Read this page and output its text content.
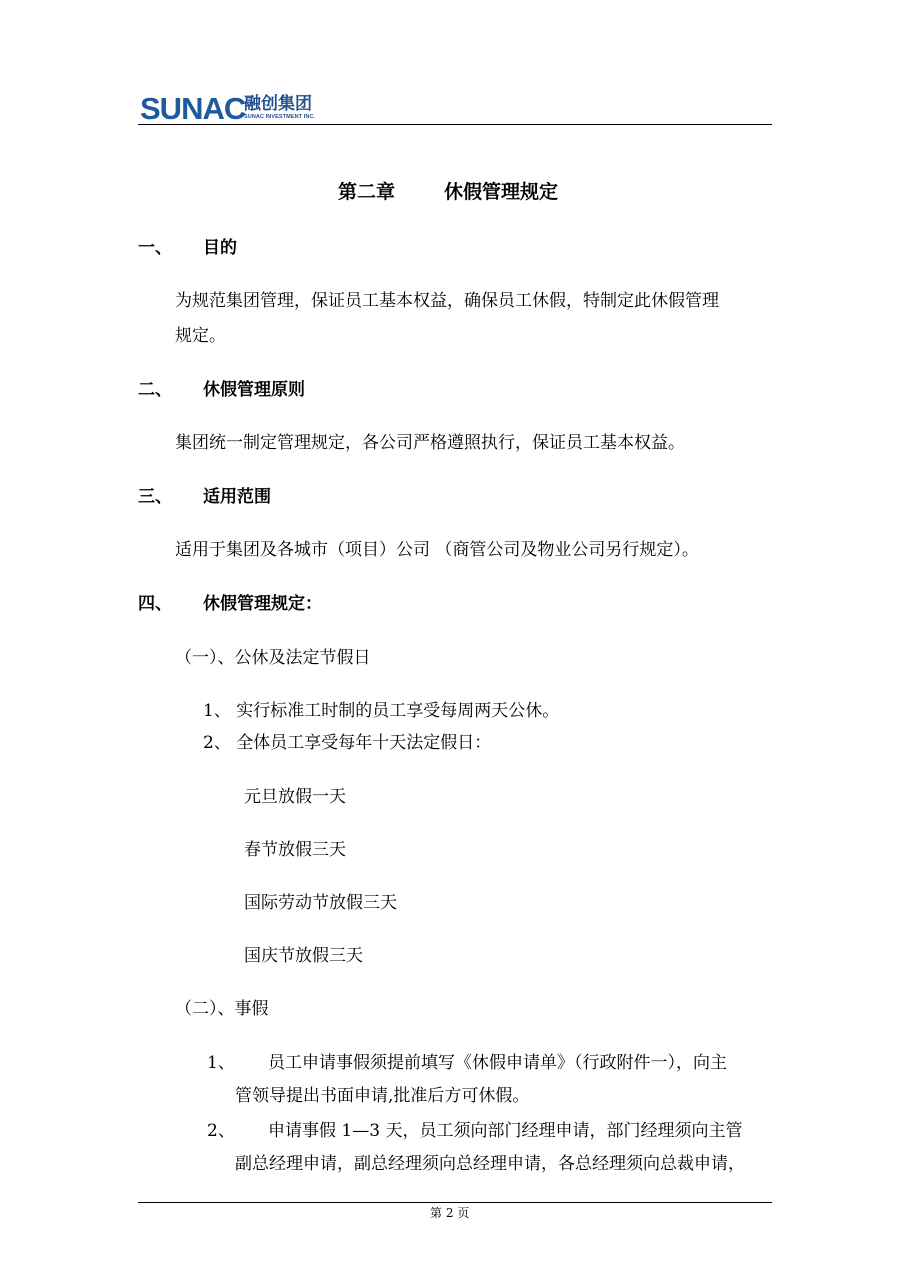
SUNAC
融创集团
SUNAC INVESTMENT INC.
第二章	休假管理规定
一、 目的
为规范集团管理，保证员工基本权益，确保员工休假，特制定此休假管理
规定。
二、 休假管理原则
集团统一制定管理规定，各公司严格遵照执行，保证员工基本权益。
三、 适用范围
适用于集团及各城市（项目）公司 （商管公司及物业公司另行规定）。
四、 休假管理规定：
（一）、公休及法定节假日
1、 实行标准工时制的员工享受每周两天公休。
2、 全体员工享受每年十天法定假日：
元旦放假一天
春节放假三天
国际劳动节放假三天
国庆节放假三天
（二）、事假
1、 员工申请事假须提前填写《休假申请单》（行政附件一），向主
管领导提出书面申请,批准后方可休假。
2、 申请事假 1—3 天，员工须向部门经理申请，部门经理须向主管
副总经理申请，副总经理须向总经理申请，各总经理须向总裁申请，
第 2 页
